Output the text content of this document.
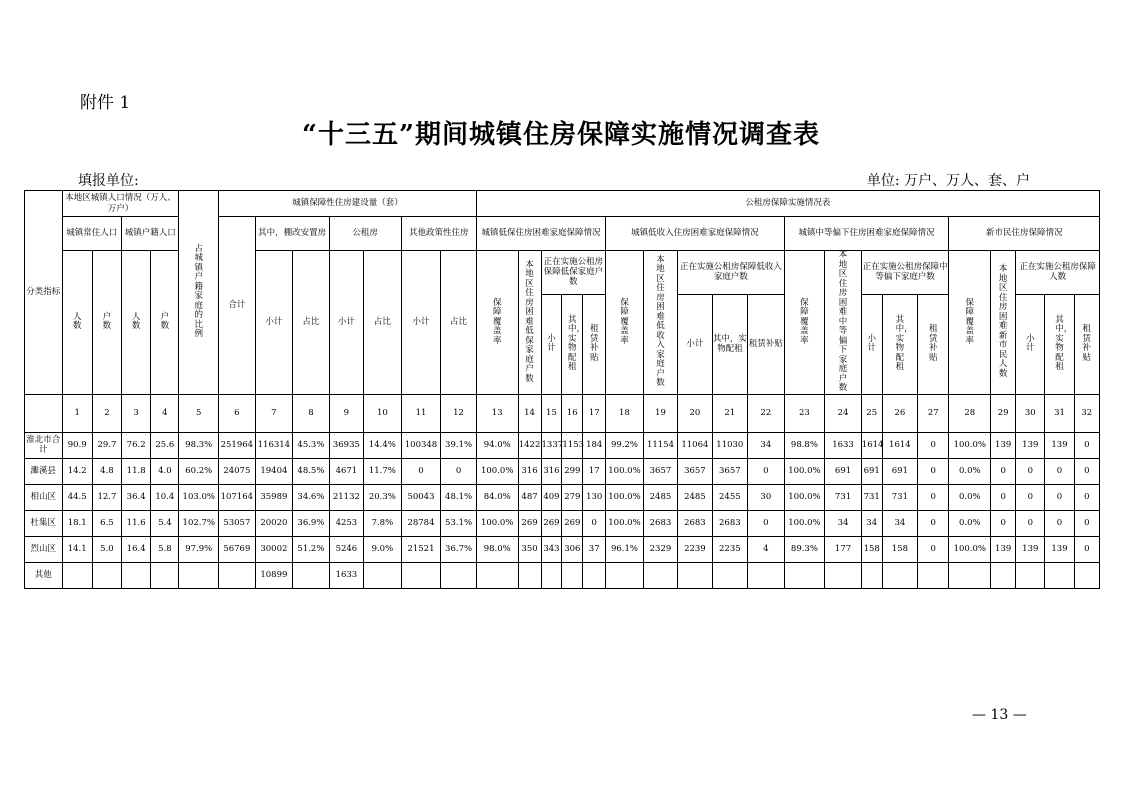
附件 1
“十三五”期间城镇住房保障实施情况调查表
填报单位:	单位: 万户、万人、套、户
分类指标	本地区城镇人口情况（万人、万户）				占城镇户籍家庭的比例	城镇保障性住房建设量（套）							公租房保障实施情况表																			
	城镇常住人口		城镇户籍人口			合计	其中，棚改安置房		公租房		其他政策性住房		城镇低保住房困难家庭保障情况					城镇低收入住房困难家庭保障情况					城镇中等偏下住房困难家庭保障情况					新市民住房保障情况				
	人数	户数	人数	户数			小计	占比	小计	占比	小计	占比	保障覆盖率	本地区住房困难低保家庭户数	正在实施公租房保障低保家庭户数			保障覆盖率	本地区住房困难低收入家庭户数	正在实施公租房保障低收入家庭户数			保障覆盖率	本地区住房困难中等偏下家庭户数	正在实施公租房保障中等偏下家庭户数			保障覆盖率	本地区住房困难新市民人数	正在实施公租房保障人数		
															小计	其中，实物配租	租赁补贴			小计	其中，实物配租	租赁补贴			小计	其中，实物配租	租赁补贴			小计	其中，实物配租	租赁补贴
	1	2	3	4	5	6	7	8	9	10	11	12	13	14	15	16	17	18	19	20	21	22	23	24	25	26	27	28	29	30	31	32
淮北市合计	90.9	29.7	76.2	25.6	98.3%	251964	116314	45.3%	36935	14.4%	100348	39.1%	94.0%	1422	1337	1153	184	99.2%	11154	11064	11030	34	98.8%	1633	1614	1614	0	100.0%	139	139	139	0
濉溪县	14.2	4.8	11.8	4.0	60.2%	24075	19404	48.5%	4671	11.7%	0	0	100.0%	316	316	299	17	100.0%	3657	3657	3657	0	100.0%	691	691	691	0	0.0%	0	0	0	0
相山区	44.5	12.7	36.4	10.4	103.0%	107164	35989	34.6%	21132	20.3%	50043	48.1%	84.0%	487	409	279	130	100.0%	2485	2485	2455	30	100.0%	731	731	731	0	0.0%	0	0	0	0
杜集区	18.1	6.5	11.6	5.4	102.7%	53057	20020	36.9%	4253	7.8%	28784	53.1%	100.0%	269	269	269	0	100.0%	2683	2683	2683	0	100.0%	34	34	34	0	0.0%	0	0	0	0
烈山区	14.1	5.0	16.4	5.8	97.9%	56769	30002	51.2%	5246	9.0%	21521	36.7%	98.0%	350	343	306	37	96.1%	2329	2239	2235	4	89.3%	177	158	158	0	100.0%	139	139	139	0
其他							10899		1633																							
— 13 —
